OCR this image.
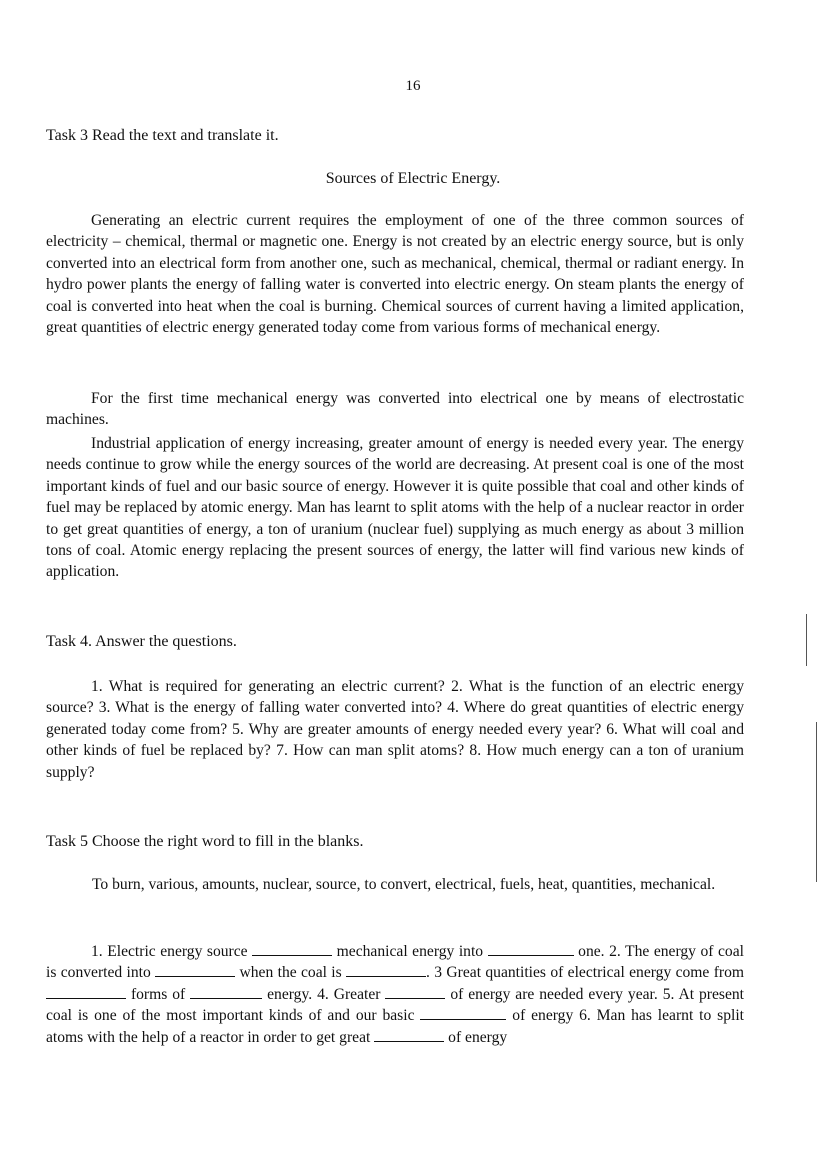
16
Task 3 Read the text and translate it.
Sources of Electric Energy.

Generating an electric current requires the employment of one of the three common sources of electricity – chemical, thermal or magnetic one. Energy is not created by an electric energy source, but is only converted into an electrical form from another one, such as mechanical, chemical, thermal or radiant energy. In hydro power plants the energy of falling water is converted into electric energy. On steam plants the energy of coal is converted into heat when the coal is burning. Chemical sources of current having a limited application, great quantities of electric energy generated today come from various forms of mechanical energy.

For the first time mechanical energy was converted into electrical one by means of electrostatic machines.

Industrial application of energy increasing, greater amount of energy is needed every year. The energy needs continue to grow while the energy sources of the world are decreasing. At present coal is one of the most important kinds of fuel and our basic source of energy. However it is quite possible that coal and other kinds of fuel may be replaced by atomic energy. Man has learnt to split atoms with the help of a nuclear reactor in order to get great quantities of energy, a ton of uranium (nuclear fuel) supplying as much energy as about 3 million tons of coal. Atomic energy replacing the present sources of energy, the latter will find various new kinds of application.

Task 4. Answer the questions.

1. What is required for generating an electric current? 2. What is the function of an electric energy source? 3. What is the energy of falling water converted into? 4. Where do great quantities of electric energy generated today come from? 5. Why are greater amounts of energy needed every year? 6. What will coal and other kinds of fuel be replaced by? 7. How can man split atoms? 8. How much energy can a ton of uranium supply?

Task 5 Choose the right word to fill in the blanks.

To burn, various, amounts, nuclear, source, to convert, electrical, fuels, heat, quantities, mechanical.

1. Electric energy source	mechanical energy into	one. 2. The energy of coal is converted into	when the coal is	. 3 Great quantities of electrical energy come from  forms of	energy. 4. Greater	of energy are needed every year. 5. At present coal is one of the most important kinds of and our basic	of energy 6. Man has learnt to split atoms with the help of a reactor in order to get great	of energy
